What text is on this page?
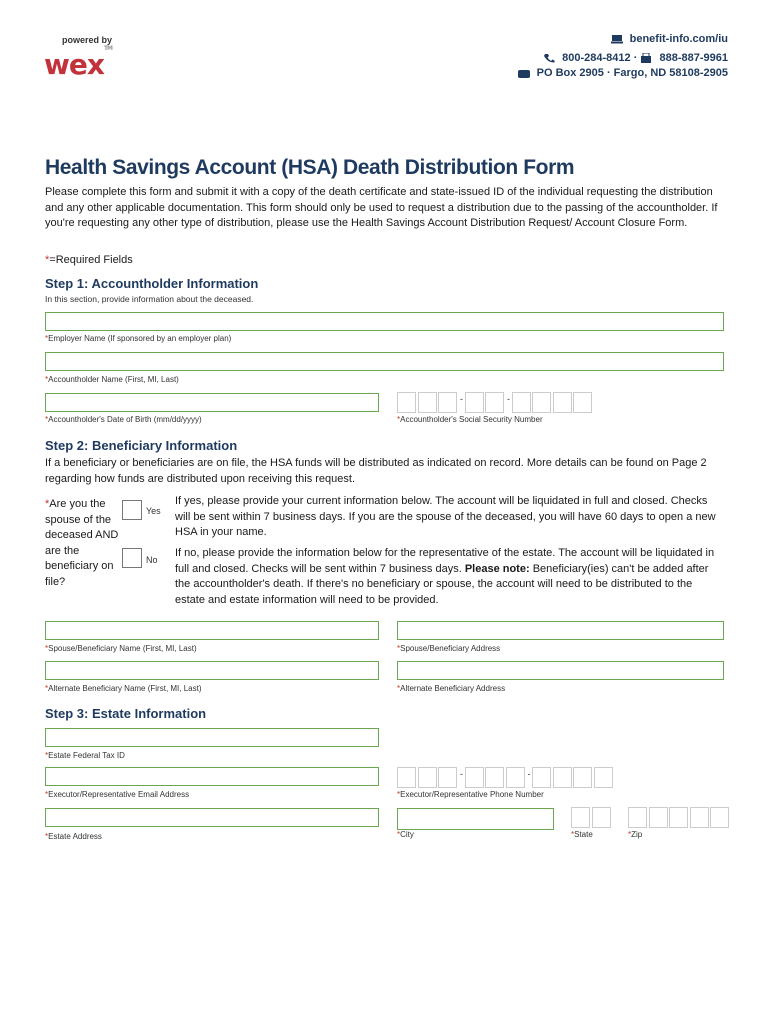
powered by
wex™
benefit-info.com/iu
800-284-8412 · 888-887-9961
PO Box 2905 · Fargo, ND 58108-2905
Health Savings Account (HSA) Death Distribution Form
Please complete this form and submit it with a copy of the death certificate and state-issued ID of the individual requesting the distribution and any other applicable documentation. This form should only be used to request a distribution due to the passing of the accountholder. If you're requesting any other type of distribution, please use the Health Savings Account Distribution Request/ Account Closure Form.
*=Required Fields
Step 1: Accountholder Information
In this section, provide information about the deceased.
*Employer Name (If sponsored by an employer plan)
*Accountholder Name (First, MI, Last)
*Accountholder's Date of Birth (mm/dd/yyyy)
-	-
*Accountholder's Social Security Number
Step 2: Beneficiary Information
If a beneficiary or beneficiaries are on file, the HSA funds will be distributed as indicated on record. More details can be found on Page 2 regarding how funds are distributed upon receiving this request.
*Are you the spouse of the deceased AND are the beneficiary on file?
Yes
No
If yes, please provide your current information below. The account will be liquidated in full and closed. Checks will be sent within 7 business days. If you are the spouse of the deceased, you will have 60 days to open a new HSA in your name.
If no, please provide the information below for the representative of the estate. The account will be liquidated in full and closed. Checks will be sent within 7 business days. Please note: Beneficiary(ies) can't be added after the accountholder's death. If there's no beneficiary or spouse, the account will need to be distributed to the estate and estate information will need to be provided.
*Spouse/Beneficiary Name (First, MI, Last)	*Spouse/Beneficiary Address
*Alternate Beneficiary Name (First, MI, Last)	*Alternate Beneficiary Address
Step 3: Estate Information
*Estate Federal Tax ID
*Executor/Representative Email Address
-	-
*Executor/Representative Phone Number
*Estate Address	*City	*State	*Zip
